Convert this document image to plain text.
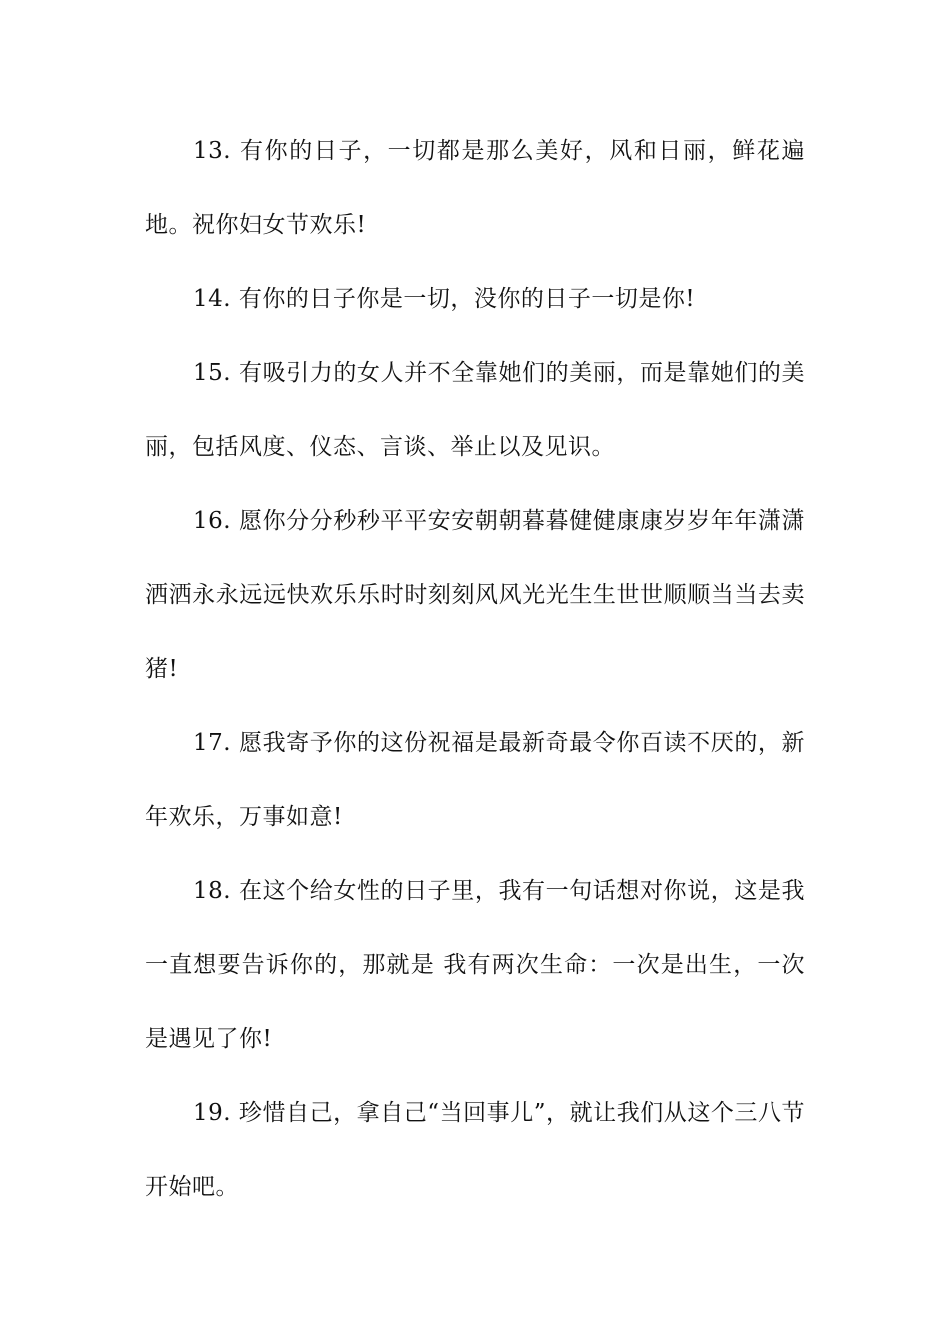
13. 有你的日子，一切都是那么美好，风和日丽，鲜花遍地。祝你妇女节欢乐!

14. 有你的日子你是一切，没你的日子一切是你!

15. 有吸引力的女人并不全靠她们的美丽，而是靠她们的美丽，包括风度、仪态、言谈、举止以及见识。

16. 愿你分分秒秒平平安安朝朝暮暮健健康康岁岁年年潇潇洒洒永永远远快欢乐乐时时刻刻风风光光生生世世顺顺当当去卖猪!

17. 愿我寄予你的这份祝福是最新奇最令你百读不厌的，新年欢乐，万事如意!

18. 在这个给女性的日子里，我有一句话想对你说，这是我一直想要告诉你的，那就是 我有两次生命：一次是出生，一次是遇见了你!

19. 珍惜自己，拿自己“当回事儿”，就让我们从这个三八节开始吧。
